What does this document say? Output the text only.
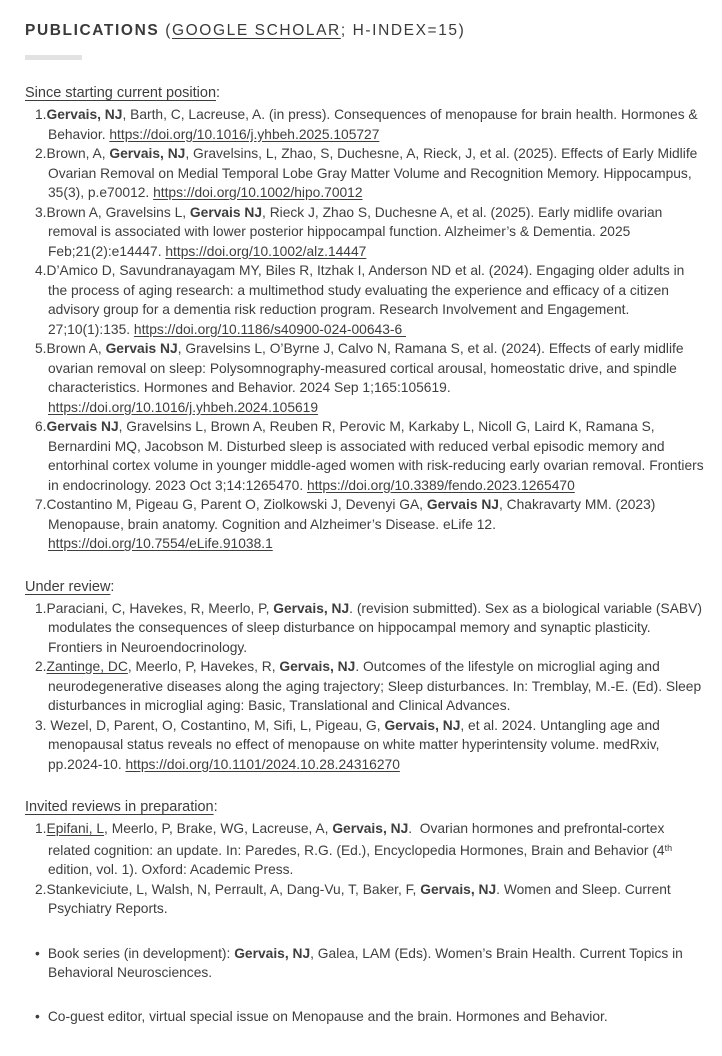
PUBLICATIONS (GOOGLE SCHOLAR; H-INDEX=15)
Since starting current position:
1.Gervais, NJ, Barth, C, Lacreuse, A. (in press). Consequences of menopause for brain health. Hormones & Behavior. https://doi.org/10.1016/j.yhbeh.2025.105727
2.Brown, A, Gervais, NJ, Gravelsins, L, Zhao, S, Duchesne, A, Rieck, J, et al. (2025). Effects of Early Midlife Ovarian Removal on Medial Temporal Lobe Gray Matter Volume and Recognition Memory. Hippocampus, 35(3), p.e70012. https://doi.org/10.1002/hipo.70012
3.Brown A, Gravelsins L, Gervais NJ, Rieck J, Zhao S, Duchesne A, et al. (2025). Early midlife ovarian removal is associated with lower posterior hippocampal function. Alzheimer’s & Dementia. 2025 Feb;21(2):e14447. https://doi.org/10.1002/alz.14447
4.D’Amico D, Savundranayagam MY, Biles R, Itzhak I, Anderson ND et al. (2024). Engaging older adults in the process of aging research: a multimethod study evaluating the experience and efficacy of a citizen advisory group for a dementia risk reduction program. Research Involvement and Engagement. 27;10(1):135. https://doi.org/10.1186/s40900-024-00643-6
5.Brown A, Gervais NJ, Gravelsins L, O’Byrne J, Calvo N, Ramana S, et al. (2024). Effects of early midlife ovarian removal on sleep: Polysomnography-measured cortical arousal, homeostatic drive, and spindle characteristics. Hormones and Behavior. 2024 Sep 1;165:105619. https://doi.org/10.1016/j.yhbeh.2024.105619
6.Gervais NJ, Gravelsins L, Brown A, Reuben R, Perovic M, Karkaby L, Nicoll G, Laird K, Ramana S, Bernardini MQ, Jacobson M. Disturbed sleep is associated with reduced verbal episodic memory and entorhinal cortex volume in younger middle-aged women with risk-reducing early ovarian removal. Frontiers in endocrinology. 2023 Oct 3;14:1265470. https://doi.org/10.3389/fendo.2023.1265470
7.Costantino M, Pigeau G, Parent O, Ziolkowski J, Devenyi GA, Gervais NJ, Chakravarty MM. (2023) Menopause, brain anatomy. Cognition and Alzheimer’s Disease. eLife 12. https://doi.org/10.7554/eLife.91038.1
Under review:
1.Paraciani, C, Havekes, R, Meerlo, P, Gervais, NJ. (revision submitted). Sex as a biological variable (SABV) modulates the consequences of sleep disturbance on hippocampal memory and synaptic plasticity. Frontiers in Neuroendocrinology.
2.Zantinge, DC, Meerlo, P, Havekes, R, Gervais, NJ. Outcomes of the lifestyle on microglial aging and neurodegenerative diseases along the aging trajectory; Sleep disturbances. In: Tremblay, M.-E. (Ed). Sleep disturbances in microglial aging: Basic, Translational and Clinical Advances.
3. Wezel, D, Parent, O, Costantino, M, Sifi, L, Pigeau, G, Gervais, NJ, et al. 2024. Untangling age and menopausal status reveals no effect of menopause on white matter hyperintensity volume. medRxiv, pp.2024-10. https://doi.org/10.1101/2024.10.28.24316270
Invited reviews in preparation:
1.Epifani, L, Meerlo, P, Brake, WG, Lacreuse, A, Gervais, NJ.  Ovarian hormones and prefrontal-cortex related cognition: an update. In: Paredes, R.G. (Ed.), Encyclopedia Hormones, Brain and Behavior (4th edition, vol. 1). Oxford: Academic Press.
2.Stankeviciute, L, Walsh, N, Perrault, A, Dang-Vu, T, Baker, F, Gervais, NJ. Women and Sleep. Current Psychiatry Reports.
• Book series (in development): Gervais, NJ, Galea, LAM (Eds). Women’s Brain Health. Current Topics in Behavioral Neurosciences.
• Co-guest editor, virtual special issue on Menopause and the brain. Hormones and Behavior.
